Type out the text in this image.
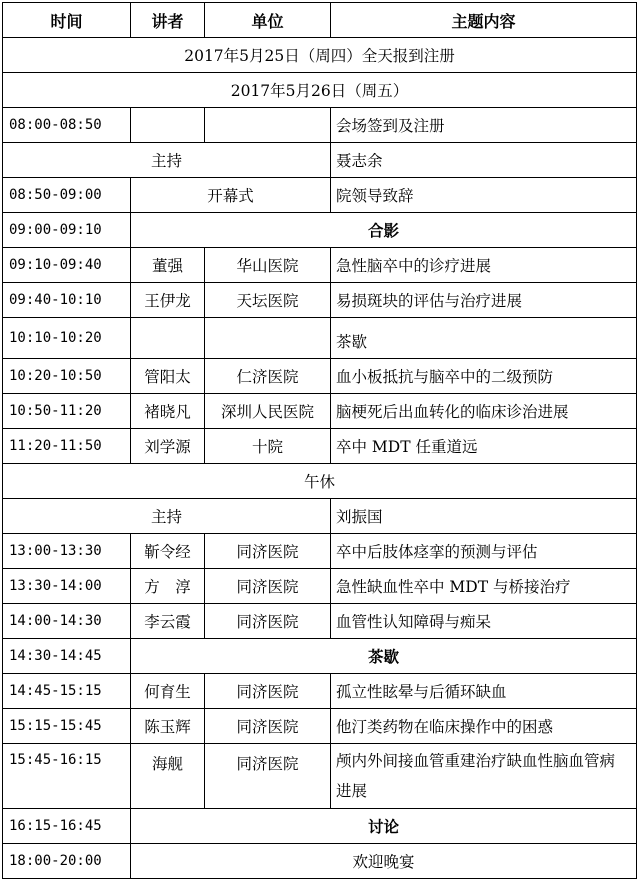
时间	讲者	单位	主题内容
2017年5月25日（周四）全天报到注册			
2017年5月26日（周五）			
08:00-08:50			会场签到及注册
主持			聂志余
08:50-09:00	开幕式		院领导致辞
09:00-09:10	合影		
09:10-09:40	董强	华山医院	急性脑卒中的诊疗进展
09:40-10:10	王伊龙	天坛医院	易损斑块的评估与治疗进展
10:10-10:20			茶歇
10:20-10:50	管阳太	仁济医院	血小板抵抗与脑卒中的二级预防
10:50-11:20	褚晓凡	深圳人民医院	脑梗死后出血转化的临床诊治进展
11:20-11:50	刘学源	十院	卒中 MDT 任重道远
午休			
主持			刘振国
13:00-13:30	靳令经	同济医院	卒中后肢体痉挛的预测与评估
13:30-14:00	方　淳	同济医院	急性缺血性卒中 MDT 与桥接治疗
14:00-14:30	李云霞	同济医院	血管性认知障碍与痴呆
14:30-14:45	茶歇		
14:45-15:15	何育生	同济医院	孤立性眩晕与后循环缺血
15:15-15:45	陈玉辉	同济医院	他汀类药物在临床操作中的困惑
15:45-16:15	海舰	同济医院	颅内外间接血管重建治疗缺血性脑血管病进展
16:15-16:45	讨论		
18:00-20:00	欢迎晚宴		
